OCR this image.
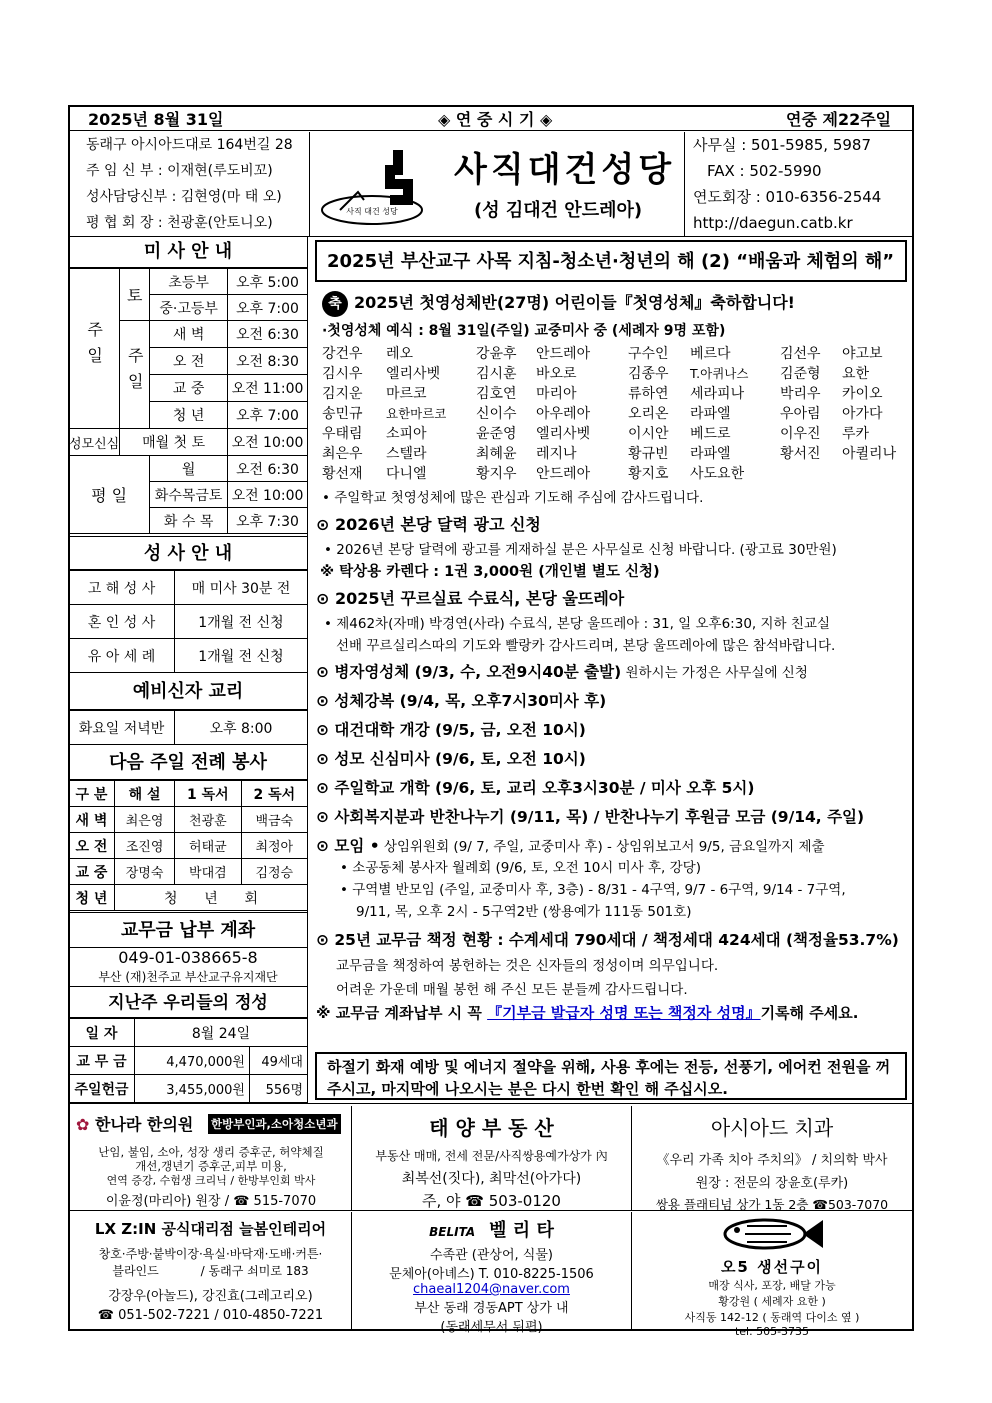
2025년 8월 31일	◈ 연 중 시 기 ◈	연중 제22주일
동래구 아시아드대로 164번길 28
주 임 신 부 : 이재현(루도비꼬)
성사담당신부 : 김현영(마 태 오)
평 협 회 장 : 천광훈(안토니오)
사직 대건 성당
사직대건성당
(성 김대건 안드레아)
사무실 : 501-5985, 5987
FAX : 502-5990
연도회장 : 010-6356-2544
http://daegun.catb.kr
미 사 안 내
주일	토	초등부	오후 5:00
		중·고등부	오후 7:00
	주일	새 벽	오전 6:30
		오 전	오전 8:30
		교 중	오전 11:00
		청 년	오후 7:00
성모신심	매월 첫 토		오전 10:00
평 일		월	오전 6:30
		화수목금토	오전 10:00
		화 수 목	오후 7:30
성 사 안 내
고 해 성 사	매 미사 30분 전
혼 인 성 사	1개월 전 신청
유 아 세 례	1개월 전 신청
예비신자 교리
화요일 저녁반	오후 8:00
다음 주일 전례 봉사
구 분	해 설	1 독서	2 독서
새 벽	최은영	천광훈	백금숙
오 전	조진영	허태균	최정아
교 중	장명숙	박대겸	김정승
청 년	청      년      회		
교무금 납부 계좌
049-01-038665-8
부산 (재)천주교 부산교구유지재단
지난주 우리들의 정성
일 자	8월 24일	
교 무 금	4,470,000원	49세대
주일헌금	3,455,000원	556명
2025년 부산교구 사목 지침-청소년·청년의 해 (2) “배움과 체험의 해”
축 2025년 첫영성체반(27명) 어린이들『첫영성체』축하합니다!
·첫영성체 예식 : 8월 31일(주일) 교중미사 중 (세례자 9명 포함)
강건우 레오	강윤후 안드레아	구수인 베르다	김선우 야고보
김시우 엘리사벳	김시훈 바오로	김종우 T.아퀴나스 김준형 요한
김지운 마르코	김호연 마리아	류하연 세라피나	박리우 카이오
송민규 요한마르코 신이수 아우레아	오리온 라파엘	우아림 아가다
우태림 소피아	윤준영 엘리사벳	이시안 베드로	이우진 루카
최은우 스텔라	최혜윤 레지나	황규빈 라파엘	황서진 아퀼리나
황선재 다니엘	황지우 안드레아	황지호 사도요한
• 주일학교 첫영성체에 많은 관심과 기도해 주심에 감사드립니다.
⊙ 2026년 본당 달력 광고 신청
• 2026년 본당 달력에 광고를 게재하실 분은 사무실로 신청 바랍니다. (광고료 30만원)
※ 탁상용 카렌다 : 1권 3,000원 (개인별 별도 신청)
⊙ 2025년 꾸르실료 수료식, 본당 울뜨레아
• 제462차(자매) 박경연(사라) 수료식, 본당 울뜨레아 : 31, 일 오후6:30, 지하 친교실
선배 꾸르실리스따의 기도와 빨랑카 감사드리며, 본당 울뜨레아에 많은 참석바랍니다.
⊙ 병자영성체 (9/3, 수, 오전9시40분 출발) 원하시는 가정은 사무실에 신청
⊙ 성체강복 (9/4, 목, 오후7시30미사 후)
⊙ 대건대학 개강 (9/5, 금, 오전 10시)
⊙ 성모 신심미사 (9/6, 토, 오전 10시)
⊙ 주일학교 개학 (9/6, 토, 교리 오후3시30분 / 미사 오후 5시)
⊙ 사회복지분과 반찬나누기 (9/11, 목) / 반찬나누기 후원금 모금 (9/14, 주일)
⊙ 모임 • 상임위원회 (9/ 7, 주일, 교중미사 후) - 상임위보고서 9/5, 금요일까지 제출
• 소공동체 봉사자 월례회 (9/6, 토, 오전 10시 미사 후, 강당)
• 구역별 반모임 (주일, 교중미사 후, 3층) - 8/31 - 4구역, 9/7 - 6구역, 9/14 - 7구역,
9/11, 목, 오후 2시 - 5구역2반 (쌍용예가 111동 501호)
⊙ 25년 교무금 책정 현황 : 수계세대 790세대 / 책정세대 424세대 (책정율53.7%)
교무금을 책정하여 봉헌하는 것은 신자들의 정성이며 의무입니다.
어려운 가운데 매월 봉헌 해 주신 모든 분들께 감사드립니다.
※ 교무금 계좌납부 시 꼭 『기부금 발급자 성명 또는 책정자 성명』기록해 주세요.
하절기 화재 예방 및 에너지 절약을 위해, 사용 후에는 전등, 선풍기, 에어컨 전원을 꺼주시고, 마지막에 나오시는 분은 다시 한번 확인 해 주십시오.
✿ 한나라 한의원 한방부인과,소아청소년과
난임, 불임, 소아, 성장 생리 증후군, 허약체질
개선,갱년기 증후군,피부 미용,
연역 증강, 수험생 크리닉 / 한방부인회 박사
이윤정(마리아) 원장 / ☎ 515-7070
태 양 부 동 산
부동산 매매, 전세 전문/사직쌍용예가상가 內
최복선(짓다), 최막선(아가다)
주, 야 ☎ 503-0120
아시아드 치과
《우리 가족 치아 주치의》 / 치의학 박사
원장 : 전문의 장윤호(루카)
쌍용 플래티넘 상가 1동 2층 ☎503-7070
LX Z:IN 공식대리점 늘봄인테리어
창호·주방·붙박이장·욕실·바닥재·도배·커튼·
블라인드           / 동래구 쇠미로 183
강장우(아놀드), 강진효(그레고리오)
☎ 051-502-7221 / 010-4850-7221
BELITA 벨 리 타
수족관 (관상어, 식물)
문체아(아녜스) T. 010-8225-1506
chaeal1204@naver.com
부산 동래 경동APT 상가 내
(동래세무서 뒤편)
오5 생선구이
매장 식사, 포장, 배달 가능
황강원 ( 세례자 요한 )
사직동 142-12 ( 동래역 다이소 옆 )
tel. 505-3735
